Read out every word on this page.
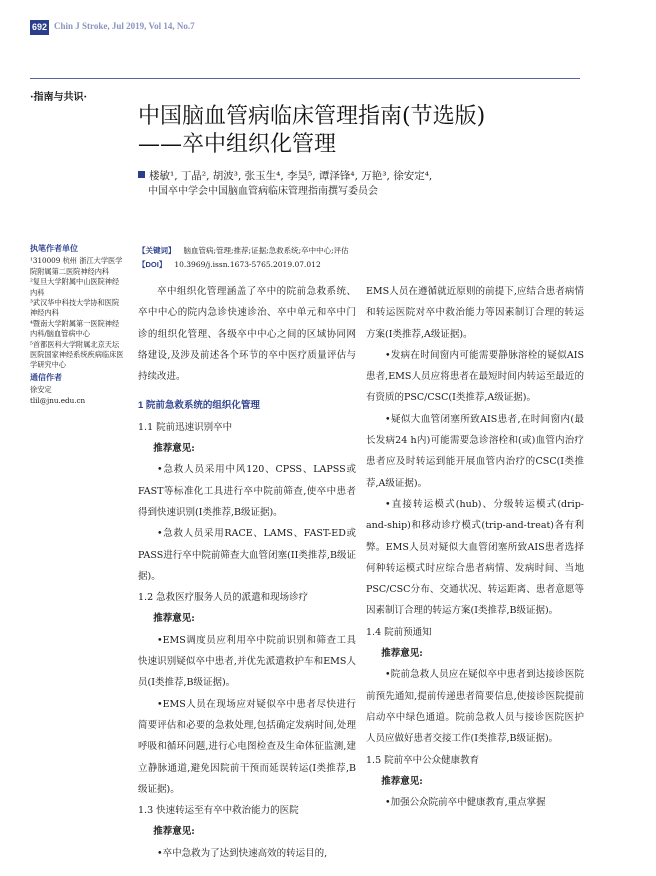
692 Chin J Stroke, Jul 2019, Vol 14, No.7
·指南与共识·
中国脑血管病临床管理指南(节选版)
——卒中组织化管理
楼敏¹, 丁晶², 胡波³, 张玉生⁴, 李昊⁵, 谭泽锋⁴, 万艳³, 徐安定⁴,
中国卒中学会中国脑血管病临床管理指南撰写委员会
执笔作者单位

¹310009 杭州 浙江大学医学院附属第二医院神经内科

²复旦大学附属中山医院神经内科

³武汉华中科技大学协和医院神经内科

⁴暨南大学附属第一医院神经内科/脑血管病中心

⁵首都医科大学附属北京天坛医院国家神经系统疾病临床医学研究中心

通信作者

徐安定

tlil@jnu.edu.cn

【关键词】 脑血管病;管理;推荐;证据;急救系统;卒中中心;评估
【DOI】 10.3969/j.issn.1673-5765.2019.07.012

卒中组织化管理涵盖了卒中的院前急救系统、卒中中心的院内急诊快速诊治、卒中单元和卒中门诊的组织化管理、各级卒中中心之间的区域协同网络建设,及涉及前述各个环节的卒中医疗质量评估与持续改进。

1 院前急救系统的组织化管理

1.1 院前迅速识别卒中

推荐意见:

•急救人员采用中风120、CPSS、LAPSS或FAST等标准化工具进行卒中院前筛查,使卒中患者得到快速识别(I类推荐,B级证据)。

•急救人员采用RACE、LAMS、FAST-ED或PASS进行卒中院前筛查大血管闭塞(II类推荐,B级证据)。

1.2 急救医疗服务人员的派遣和现场诊疗

推荐意见:

•EMS调度员应利用卒中院前识别和筛查工具快速识别疑似卒中患者,并优先派遣救护车和EMS人员(I类推荐,B级证据)。

•EMS人员在现场应对疑似卒中患者尽快进行简要评估和必要的急救处理,包括确定发病时间,处理呼吸和循环问题,进行心电图检查及生命体征监测,建立静脉通道,避免因院前干预而延误转运(I类推荐,B级证据)。

1.3 快速转运至有卒中救治能力的医院

推荐意见:

•卒中急救为了达到快速高效的转运目的,

EMS人员在遵循就近原则的前提下,应结合患者病情和转运医院对卒中救治能力等因素制订合理的转运方案(I类推荐,A级证据)。

•发病在时间窗内可能需要静脉溶栓的疑似AIS患者,EMS人员应将患者在最短时间内转运至最近的有资质的PSC/CSC(I类推荐,A级证据)。

•疑似大血管闭塞所致AIS患者,在时间窗内(最长发病24 h内)可能需要急诊溶栓和(或)血管内治疗患者应及时转运到能开展血管内治疗的CSC(I类推荐,A级证据)。

•直接转运模式(hub)、分级转运模式(drip-and-ship)和移动诊疗模式(trip-and-treat)各有利弊。EMS人员对疑似大血管闭塞所致AIS患者选择何种转运模式时应综合患者病情、发病时间、当地PSC/CSC分布、交通状况、转运距离、患者意愿等因素制订合理的转运方案(I类推荐,B级证据)。

1.4 院前预通知

推荐意见:

•院前急救人员应在疑似卒中患者到达接诊医院前预先通知,提前传递患者简要信息,使接诊医院提前启动卒中绿色通道。院前急救人员与接诊医院医护人员应做好患者交接工作(I类推荐,B级证据)。

1.5 院前卒中公众健康教育

推荐意见:

•加强公众院前卒中健康教育,重点掌握
